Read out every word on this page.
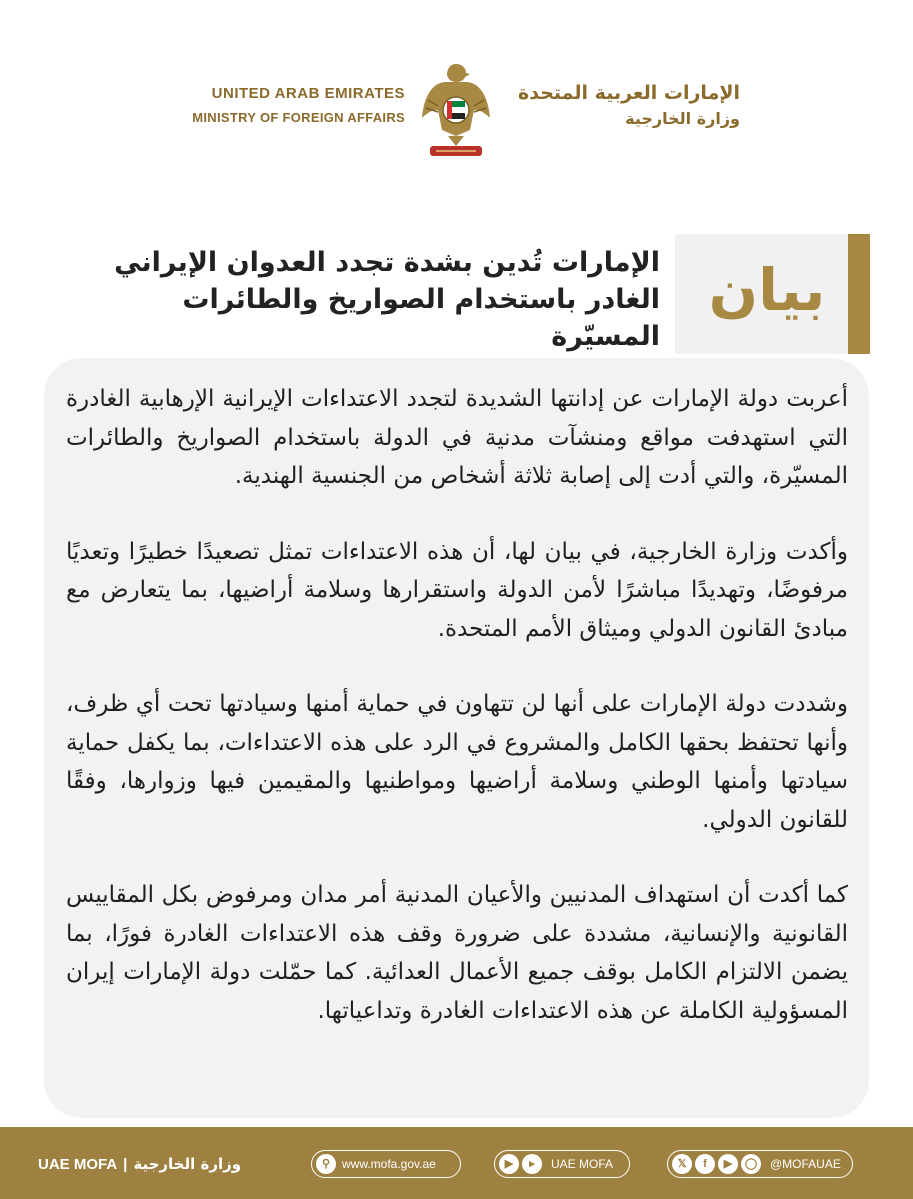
UNITED ARAB EMIRATES
MINISTRY OF FOREIGN AFFAIRS
الإمارات العربية المتحدة
وزارة الخارجية
بيان
الإمارات تُدين بشدة تجدد العدوان الإيراني
الغادر باستخدام الصواريخ والطائرات المسيّرة

أعربت دولة الإمارات عن إدانتها الشديدة لتجدد الاعتداءات الإيرانية الإرهابية الغادرة التي استهدفت مواقع ومنشآت مدنية في الدولة باستخدام الصواريخ والطائرات المسيّرة، والتي أدت إلى إصابة ثلاثة أشخاص من الجنسية الهندية.

وأكدت وزارة الخارجية، في بيان لها، أن هذه الاعتداءات تمثل تصعيدًا خطيرًا وتعديًا مرفوضًا، وتهديدًا مباشرًا لأمن الدولة واستقرارها وسلامة أراضيها، بما يتعارض مع مبادئ القانون الدولي وميثاق الأمم المتحدة.

وشددت دولة الإمارات على أنها لن تتهاون في حماية أمنها وسيادتها تحت أي ظرف، وأنها تحتفظ بحقها الكامل والمشروع في الرد على هذه الاعتداءات، بما يكفل حماية سيادتها وأمنها الوطني وسلامة أراضيها ومواطنيها والمقيمين فيها وزوارها، وفقًا للقانون الدولي.

كما أكدت أن استهداف المدنيين والأعيان المدنية أمر مدان ومرفوض بكل المقاييس القانونية والإنسانية، مشددة على ضرورة وقف هذه الاعتداءات الغادرة فورًا، بما يضمن الالتزام الكامل بوقف جميع الأعمال العدائية. كما حمّلت دولة الإمارات إيران المسؤولية الكاملة عن هذه الاعتداءات الغادرة وتداعياتها.

UAE MOFA | وزارة الخارجية	⚲ www.mofa.gov.ae	▶	▸	UAE MOFA	𝕏	f	▶	◯	@MOFAUAE
